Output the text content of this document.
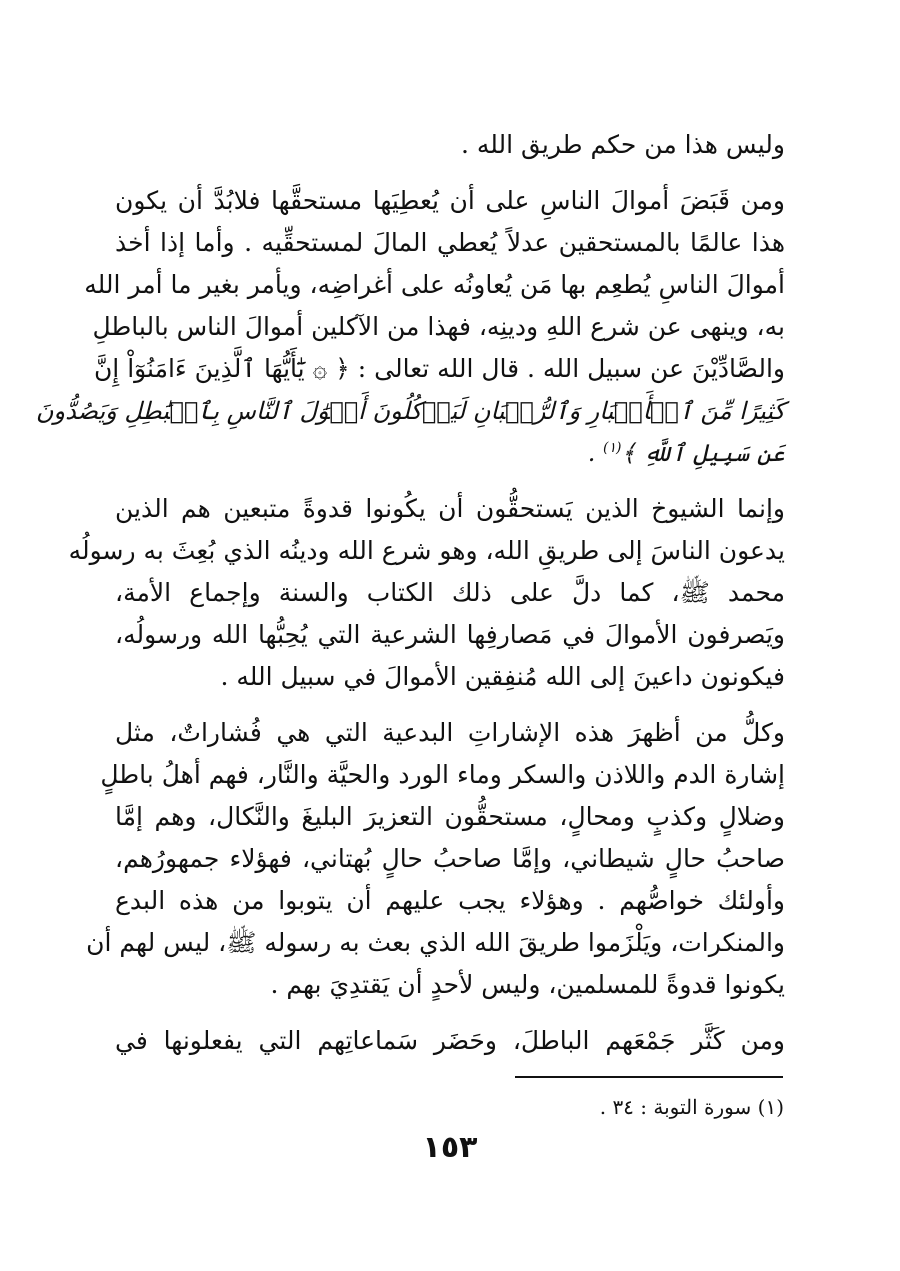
وليس هذا من حكم طريق الله .
ومن قَبَضَ أموالَ الناسِ على أن يُعطِيَها مستحقَّها فلابُدَّ أن يكون
هذا عالمًا بالمستحقين عدلاً يُعطي المالَ لمستحقِّيه . وأما إذا أخذ
أموالَ الناسِ يُطعِم بها مَن يُعاونُه على أغراضِه، ويأمر بغير ما أمر الله
به، وينهى عن شرع اللهِ ودينِه، فهذا من الآكلين أموالَ الناس بالباطلِ
والصَّادِّيْنَ عن سبيل الله . قال الله تعالى : ﴿ ۞ يَٰٓأَيُّهَا ٱلَّذِينَ ءَامَنُوٓاْ إِنَّ
كَثِيرًا مِّنَ ٱلۡأَحۡبَارِ وَٱلرُّهۡبَانِ لَيَأۡكُلُونَ أَمۡوَٰلَ ٱلنَّاسِ بِٱلۡبَٰطِلِ وَيَصُدُّونَ
عَن سَبِيلِ ٱللَّهِ ﴾$^{(١)}$ .
وإنما الشيوخ الذين يَستحقُّون أن يكُونوا قدوةً متبعين هم الذين
يدعون الناسَ إلى طريقِ الله، وهو شرع الله ودينُه الذي بُعِثَ به رسولُه
محمد ﷺ، كما دلَّ على ذلك الكتاب والسنة وإجماع الأمة،
ويَصرفون الأموالَ في مَصارفِها الشرعية التي يُحِبُّها الله ورسولُه،
فيكونون داعينَ إلى الله مُنفِقين الأموالَ في سبيل الله .
وكلُّ من أظهرَ هذه الإشاراتِ البدعية التي هي فُشاراتٌ، مثل
إشارة الدم واللاذن والسكر وماء الورد والحيَّة والنَّار، فهم أهلُ باطلٍ
وضلالٍ وكذبٍ ومحالٍ، مستحقُّون التعزيرَ البليغَ والنَّكال، وهم إمَّا
صاحبُ حالٍ شيطاني، وإمَّا صاحبُ حالٍ بُهتاني، فهؤلاء جمهورُهم،
وأولئك خواصُّهم . وهؤلاء يجب عليهم أن يتوبوا من هذه البدع
والمنكرات، ويَلْزَموا طريقَ الله الذي بعث به رسوله ﷺ، ليس لهم أن
يكونوا قدوةً للمسلمين، وليس لأحدٍ أن يَقتدِيَ بهم .
ومن كَثَّر جَمْعَهم الباطلَ، وحَضَر سَماعاتِهم التي يفعلونها في
(١) سورة التوبة : ٣٤ .
١٥٣
